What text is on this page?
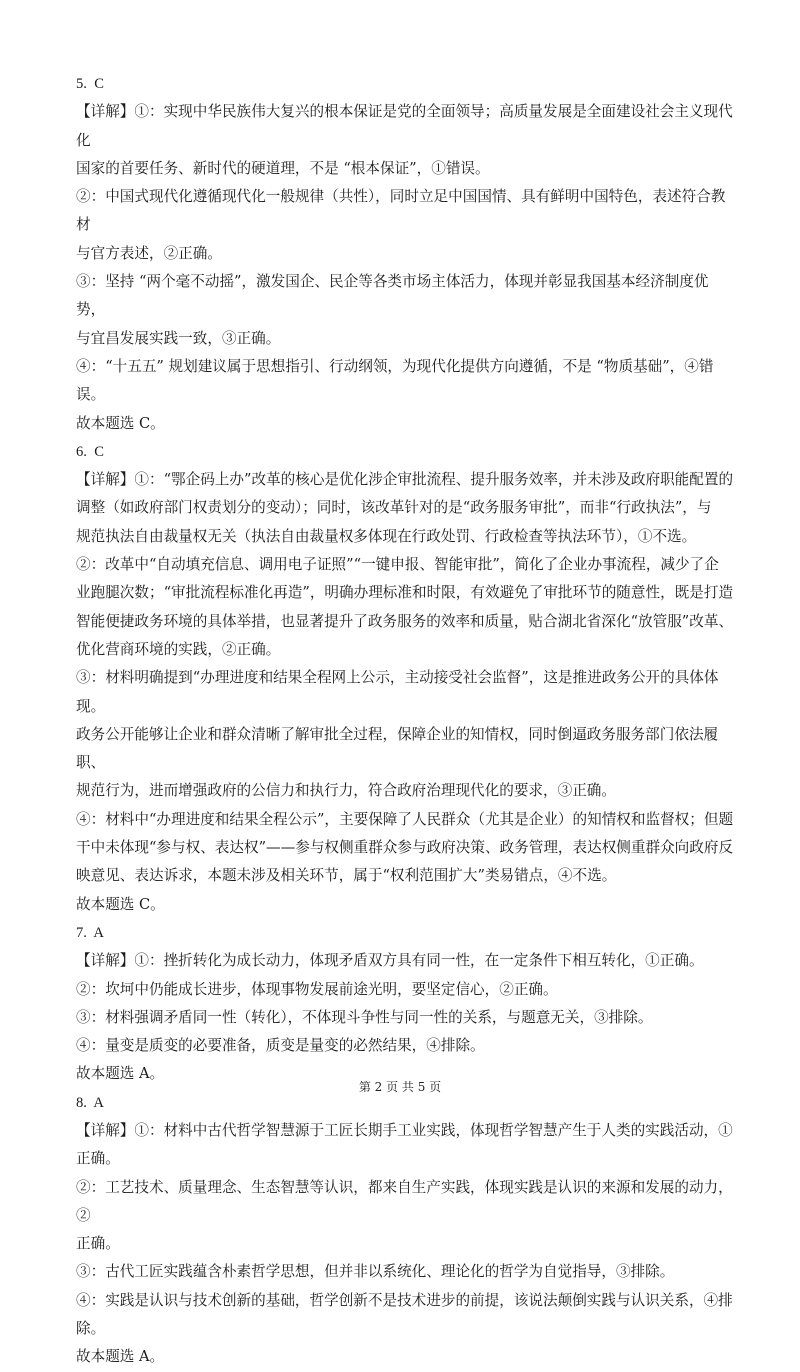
5.  C
【详解】①：实现中华民族伟大复兴的根本保证是党的全面领导；高质量发展是全面建设社会主义现代化
国家的首要任务、新时代的硬道理，不是 “根本保证”，①错误。
②：中国式现代化遵循现代化一般规律（共性），同时立足中国国情、具有鲜明中国特色，表述符合教材
与官方表述，②正确。
③：坚持 “两个毫不动摇”，激发国企、民企等各类市场主体活力，体现并彰显我国基本经济制度优势，
与宜昌发展实践一致，③正确。
④：“十五五” 规划建议属于思想指引、行动纲领，为现代化提供方向遵循，不是 “物质基础”，④错
误。
故本题选 C。
6.  C
【详解】①：“鄂企码上办”改革的核心是优化涉企审批流程、提升服务效率，并未涉及政府职能配置的
调整（如政府部门权责划分的变动）；同时，该改革针对的是“政务服务审批”，而非“行政执法”，与
规范执法自由裁量权无关（执法自由裁量权多体现在行政处罚、行政检查等执法环节），①不选。
②：改革中“自动填充信息、调用电子证照”“一键申报、智能审批”，简化了企业办事流程，减少了企
业跑腿次数；“审批流程标准化再造”，明确办理标准和时限，有效避免了审批环节的随意性，既是打造
智能便捷政务环境的具体举措，也显著提升了政务服务的效率和质量，贴合湖北省深化“放管服”改革、
优化营商环境的实践，②正确。
③：材料明确提到“办理进度和结果全程网上公示，主动接受社会监督”，这是推进政务公开的具体体现。
政务公开能够让企业和群众清晰了解审批全过程，保障企业的知情权，同时倒逼政务服务部门依法履职、
规范行为，进而增强政府的公信力和执行力，符合政府治理现代化的要求，③正确。
④：材料中“办理进度和结果全程公示”，主要保障了人民群众（尤其是企业）的知情权和监督权；但题
干中未体现“参与权、表达权”——参与权侧重群众参与政府决策、政务管理，表达权侧重群众向政府反
映意见、表达诉求，本题未涉及相关环节，属于“权利范围扩大”类易错点，④不选。
故本题选 C。
7.  A
【详解】①：挫折转化为成长动力，体现矛盾双方具有同一性，在一定条件下相互转化，①正确。
②：坎坷中仍能成长进步，体现事物发展前途光明，要坚定信心，②正确。
③：材料强调矛盾同一性（转化），不体现斗争性与同一性的关系，与题意无关，③排除。
④：量变是质变的必要准备，质变是量变的必然结果，④排除。
故本题选 A。
8.  A
【详解】①：材料中古代哲学智慧源于工匠长期手工业实践，体现哲学智慧产生于人类的实践活动，①
正确。
②：工艺技术、质量理念、生态智慧等认识，都来自生产实践，体现实践是认识的来源和发展的动力，②
正确。
③：古代工匠实践蕴含朴素哲学思想，但并非以系统化、理论化的哲学为自觉指导，③排除。
④：实践是认识与技术创新的基础，哲学创新不是技术进步的前提，该说法颠倒实践与认识关系，④排除。
故本题选 A。
第 2 页 共 5 页
